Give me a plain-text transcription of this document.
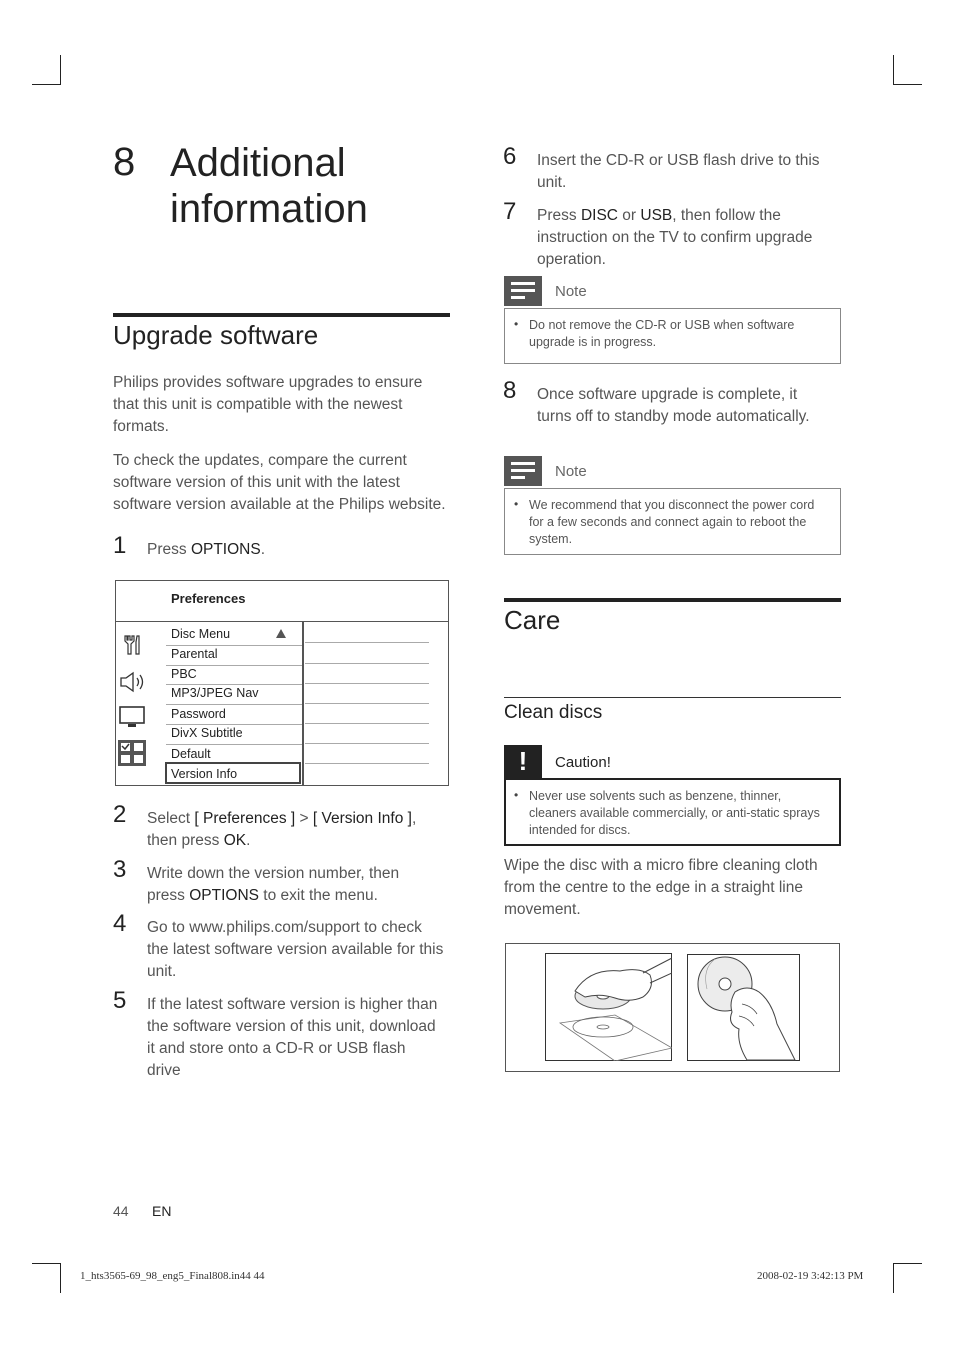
8 Additional
information
Upgrade software
Philips provides software upgrades to ensure
that this unit is compatible with the newest
formats.
To check the updates, compare the current
software version of this unit with the latest
software version available at the Philips website.
1 Press OPTIONS.
Preferences
Disc Menu
Parental
PBC
MP3/JPEG Nav
Password
DivX Subtitle
Default
Version Info
2 Select [ Preferences ] > [ Version Info ],
then press OK.
3 Write down the version number, then
press OPTIONS to exit the menu.
4 Go to www.philips.com/support to check
the latest software version available for this
unit.
5 If the latest software version is higher than
the software version of this unit, download
it and store onto a CD-R or USB flash
drive
6 Insert the CD-R or USB flash drive to this
unit.
7 Press DISC or USB, then follow the
instruction on the TV to confirm upgrade
operation.
Note
• Do not remove the CD-R or USB when software
upgrade is in progress.
8 Once software upgrade is complete, it
turns off to standby mode automatically.
Note
• We recommend that you disconnect the power cord
for a few seconds and connect again to reboot the
system.
Care
Clean discs
!	Caution!
• Never use solvents such as benzene, thinner,
cleaners available commercially, or anti-static sprays
intended for discs.
Wipe the disc with a micro fibre cleaning cloth
from the centre to the edge in a straight line
movement.
44 EN
1_hts3565-69_98_eng5_Final808.in44 44	2008-02-19 3:42:13 PM
